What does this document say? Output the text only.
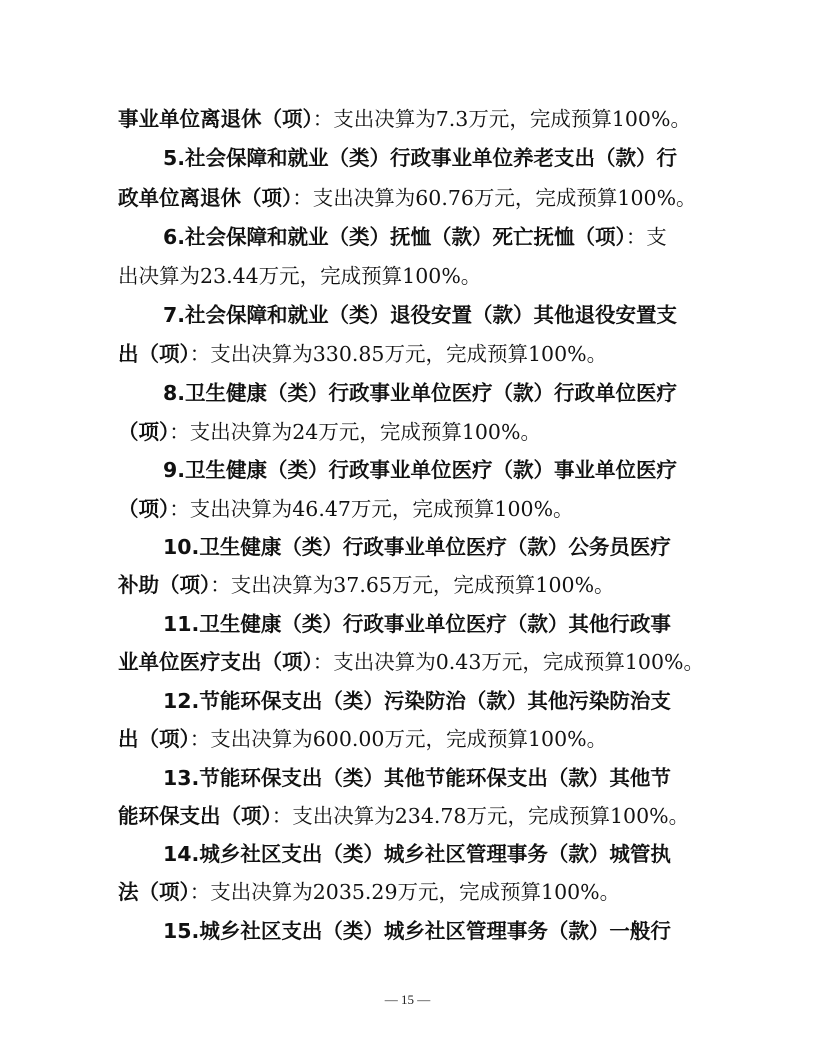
事业单位离退休（项）：支出决算为7.3万元，完成预算100%。
5.社会保障和就业（类）行政事业单位养老支出（款）行
政单位离退休（项）：支出决算为60.76万元，完成预算100%。
6.社会保障和就业（类）抚恤（款）死亡抚恤（项）：支
出决算为23.44万元，完成预算100%。
7.社会保障和就业（类）退役安置（款）其他退役安置支
出（项）：支出决算为330.85万元，完成预算100%。
8.卫生健康（类）行政事业单位医疗（款）行政单位医疗
（项）：支出决算为24万元，完成预算100%。
9.卫生健康（类）行政事业单位医疗（款）事业单位医疗
（项）：支出决算为46.47万元，完成预算100%。
10.卫生健康（类）行政事业单位医疗（款）公务员医疗
补助（项）：支出决算为37.65万元，完成预算100%。
11.卫生健康（类）行政事业单位医疗（款）其他行政事
业单位医疗支出（项）：支出决算为0.43万元，完成预算100%。
12.节能环保支出（类）污染防治（款）其他污染防治支
出（项）：支出决算为600.00万元，完成预算100%。
13.节能环保支出（类）其他节能环保支出（款）其他节
能环保支出（项）：支出决算为234.78万元，完成预算100%。
14.城乡社区支出（类）城乡社区管理事务（款）城管执
法（项）：支出决算为2035.29万元，完成预算100%。
15.城乡社区支出（类）城乡社区管理事务（款）一般行
— 15 —
